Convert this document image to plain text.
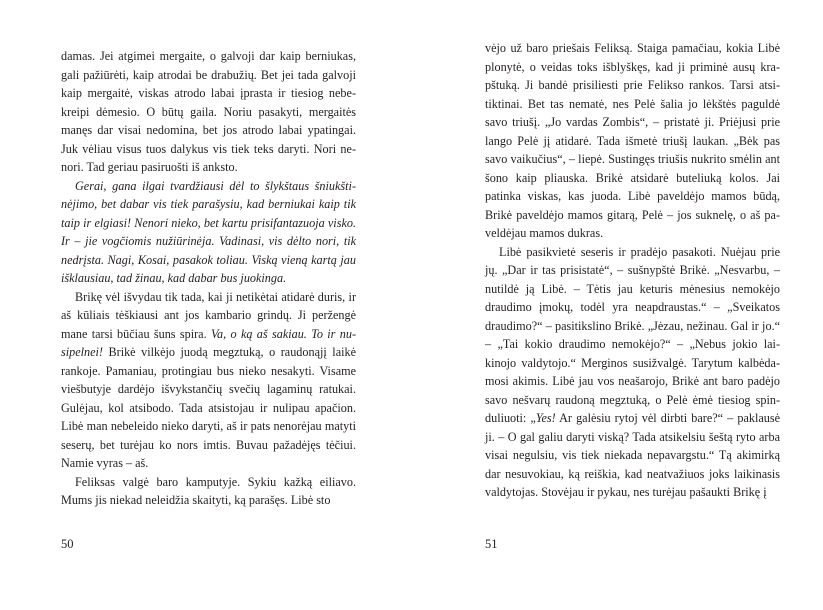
damas. Jei atgimei mergaite, o galvoji dar kaip berniukas, gali pažiūrėti, kaip atrodai be drabužių. Bet jei tada galvoji kaip mergaitė, viskas atrodo labai įprasta ir tiesiog nebekreipi dėmesio. O būtų gaila. Noriu pasakyti, mergaitės manęs dar visai nedomina, bet jos atrodo labai ypatingai. Juk vėliau visus tuos dalykus vis tiek teks daryti. Nori nenori. Tad geriau pasiruošti iš anksto.

Gerai, gana ilgai tvardžiausi dėl to šlykštaus šniukštinėjimo, bet dabar vis tiek parašysiu, kad berniukai kaip tik taip ir elgiasi! Nenori nieko, bet kartu prisifantazuoja visko. Ir – jie vogčiomis nužiūrinėja. Vadinasi, vis dėlto nori, tik nedrįsta. Nagi, Kosai, pasakok toliau. Viską vieną kartą jau išklausiau, tad žinau, kad dabar bus juokinga.

Brikę vėl išvydau tik tada, kai ji netikėtai atidarė duris, ir aš kūliais tėškiausi ant jos kambario grindų. Ji peržengė mane tarsi būčiau šuns spira. Va, o ką aš sakiau. To ir nusipelnei! Brikė vilkėjo juodą megztuką, o raudonąjį laikė rankoje. Pamaniau, protingiau bus nieko nesakyti. Visame viešbutyje dardėjo išvykstančių svečių lagaminų ratukai. Gulėjau, kol atsibodo. Tada atsistojau ir nulipau apačion. Libė man nebeleido nieko daryti, aš ir pats nenorėjau matyti seserų, bet turėjau ko nors imtis. Buvau pažadėjęs tėčiui. Namie vyras – aš.

Feliksas valgė baro kamputyje. Sykiu kažką eiliavo. Mums jis niekad neleidžia skaityti, ką parašęs. Libė sto

50

vėjo už baro priešais Feliksą. Staiga pamačiau, kokia Libė plonytė, o veidas toks išblyškęs, kad ji priminė ausų krapštuką. Ji bandė prisiliesti prie Felikso rankos. Tarsi atsitiktinai. Bet tas nematė, nes Pelė šalia jo lėkštės paguldė savo triušį. „Jo vardas Zombis“, – pristatė ji. Priėjusi prie lango Pelė jį atidarė. Tada išmetė triušį laukan. „Bėk pas savo vaikučius“, – liepė. Sustingęs triušis nukrito smėlin ant šono kaip pliauska. Brikė atsidarė buteliuką kolos. Jai patinka viskas, kas juoda. Libė paveldėjo mamos būdą, Brikė paveldėjo mamos gitarą, Pelė – jos suknelę, o aš paveldėjau mamos dukras.

Libė pasikvietė seseris ir pradėjo pasakoti. Nuėjau prie jų. „Dar ir tas prisistatė“, – sušnypštė Brikė. „Nesvarbu, – nutildė ją Libė. – Tėtis jau keturis mėnesius nemokėjo draudimo įmokų, todėl yra neapdraustas.“ – „Sveikatos draudimo?“ – pasitikslino Brikė. „Jėzau, nežinau. Gal ir jo.“ – „Tai kokio draudimo nemokėjo?“ – „Nebus jokio laikinojo valdytojo.“ Merginos susižvalgė. Tarytum kalbėdamosi akimis. Libė jau vos neašarojo, Brikė ant baro padėjo savo nešvarų raudoną megztuką, o Pelė ėmė tiesiog spinduliuoti: „Yes! Ar galėsiu rytoj vėl dirbti bare?“ – paklausė ji. – O gal galiu daryti viską? Tada atsikelsiu šeštą ryto arba visai negulsiu, vis tiek niekada nepavargstu.“ Tą akimirką dar nesuvokiau, ką reiškia, kad neatvažiuos joks laikinasis valdytojas. Stovėjau ir pykau, nes turėjau pašaukti Brikę į

51
